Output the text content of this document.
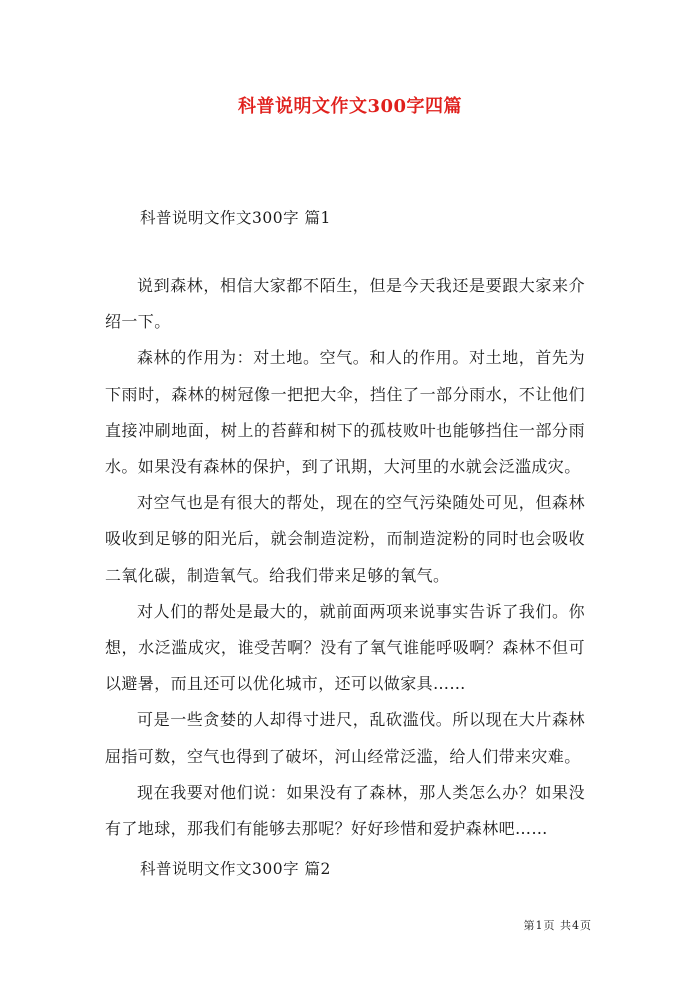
科普说明文作文300字四篇
科普说明文作文300字 篇1

说到森林，相信大家都不陌生，但是今天我还是要跟大家来介绍一下。

森林的作用为：对土地。空气。和人的作用。对土地，首先为下雨时，森林的树冠像一把把大伞，挡住了一部分雨水，不让他们直接冲刷地面，树上的苔藓和树下的孤枝败叶也能够挡住一部分雨水。如果没有森林的保护，到了讯期，大河里的水就会泛滥成灾。

对空气也是有很大的帮处，现在的空气污染随处可见，但森林吸收到足够的阳光后，就会制造淀粉，而制造淀粉的同时也会吸收二氧化碳，制造氧气。给我们带来足够的氧气。

对人们的帮处是最大的，就前面两项来说事实告诉了我们。你想，水泛滥成灾，谁受苦啊？没有了氧气谁能呼吸啊？森林不但可以避暑，而且还可以优化城市，还可以做家具……

可是一些贪婪的人却得寸进尺，乱砍滥伐。所以现在大片森林屈指可数，空气也得到了破坏，河山经常泛滥，给人们带来灾难。

现在我要对他们说：如果没有了森林，那人类怎么办？如果没有了地球，那我们有能够去那呢？好好珍惜和爱护森林吧……

科普说明文作文300字 篇2
第1页 共4页
